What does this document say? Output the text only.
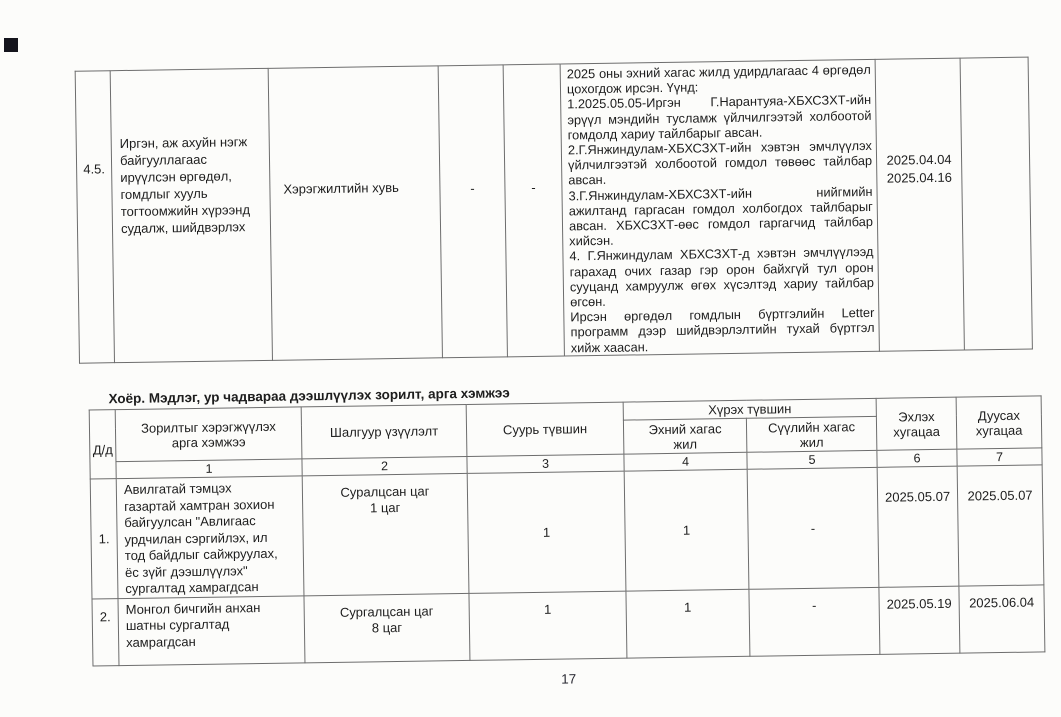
4.5.	Иргэн, аж ахуйн нэгж
байгууллагаас
ирүүлсэн өргөдөл,
гомдлыг хууль
тогтоомжийн хүрээнд
судалж, шийдвэрлэх	Хэрэгжилтийн хувь	-	-	2025 оны эхний хагас жилд удирдлагаас 4 өргөдөл цохогдож ирсэн. Үүнд:
1.2025.05.05-Иргэн Г.Нарантуяа-ХБХСЗХТ-ийн эрүүл мэндийн тусламж үйлчилгээтэй холбоотой гомдолд хариу тайлбарыг авсан.
2.Г.Янжиндулам-ХБХСЗХТ-ийн хэвтэн эмчлүүлэх үйлчилгээтэй холбоотой гомдол төвөөс тайлбар авсан.
3.Г.Янжиндулам-ХБХСЗХТ-ийн нийгмийн ажилтанд гаргасан гомдол холбогдох тайлбарыг авсан. ХБХСЗХТ-өөс гомдол гаргагчид тайлбар хийсэн.
4. Г.Янжиндулам ХБХСЗХТ-д хэвтэн эмчлүүлээд гарахад очих газар гэр орон байхгүй тул орон сууцанд хамруулж өгөх хүсэлтэд хариу тайлбар өгсөн.
Ирсэн өргөдөл гомдлын бүртгэлийн Letter программ дээр шийдвэрлэлтийн тухай бүртгэл хийж хаасан.	2025.04.04
2025.04.16	
Хоёр. Мэдлэг, ур чадвараа дээшлүүлэх зорилт, арга хэмжээ
Д/д	Зорилтыг хэрэгжүүлэх
арга хэмжээ	Шалгуур үзүүлэлт	Суурь түвшин	Хүрэх түвшин		Эхлэх
хугацаа	Дуусах
хугацаа
				Эхний хагас
жил	Сүүлийн хагас
жил		
	1	2	3	4	5	6	7
1.	Авилгатай тэмцэх
газартай хамтран зохион
байгуулсан "Авлигаас
урдчилан сэргийлэх, ил
тод байдлыг сайжруулах,
ёс зүйг дээшлүүлэх"
сургалтад хамрагдсан	Суралцсан цаг
1 цаг	1	1	-	2025.05.07	2025.05.07
2.	Монгол бичгийн анхан
шатны сургалтад
хамрагдсан	Сургалцсан цаг
8 цаг	1	1	-	2025.05.19	2025.06.04
17
